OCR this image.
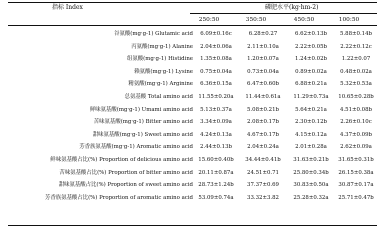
指标 Index	磷肥水平(kg·hm-2)
250:50	350:50	450:50	100:50
谷氨酸(mg·g-1) Glutamic acid	6.09±0.16c	6.28±0.27	6.62±0.13b	5.88±0.14b
丙氨酸(mg·g-1) Alanine	2.04±0.06a	2.11±0.10a	2.22±0.05b	2.22±0.12c
组氨酸(mg·g-1) Histidine	1.35±0.08a	1.20±0.07a	1.24±0.02b	1.22±0.07
赖氨酸(mg·g-1) Lysine	0.75±0.04a	0.73±0.04a	0.89±0.02a	0.48±0.02a
精氨酸(mg·g-1) Arginine	6.36±0.15a	6.47±0.60b	6.88±0.21a	5.32±0.53a
总氨基酸 Total amino acid	11.55±0.20a	11.44±0.61a	11.29±0.73a	10.65±0.28b
鲜味氨基酸(mg·g-1) Umami amino acid	5.13±0.37a	5.08±0.21b	5.64±0.21a	4.51±0.08b
苦味氨基酸(mg·g-1) Bitter amino acid	3.34±0.09a	2.08±0.17b	2.30±0.12b	2.26±0.10c
甜味氨基酸(mg·g-1) Sweet amino acid	4.24±0.13a	4.67±0.17b	4.15±0.12a	4.37±0.09b
芳香族氨基酸(mg·g-1) Aromatic amino acid	2.44±0.13b	2.04±0.24a	2.01±0.28a	2.62±0.09a
鲜味氨基酸占比(%) Proportion of delicious amino acid 15.60±0.40b	34.44±0.41b	31.63±0.21b	31.65±0.31b
苦味氨基酸占比(%) Proportion of bitter amino acid	20.11±0.87a	24.51±0.71	25.80±0.34b	26.15±0.38a
甜味氨基酸占比(%) Proportion of sweet amino acid 28.73±1.24b	37.37±0.69	30.83±0.50a	30.87±0.17a
芳香族氨基酸占比(%) Proportion of aromatic amino acid	53.09±0.74a	33.32±3.82	25.28±0.32a	25.71±0.47b
